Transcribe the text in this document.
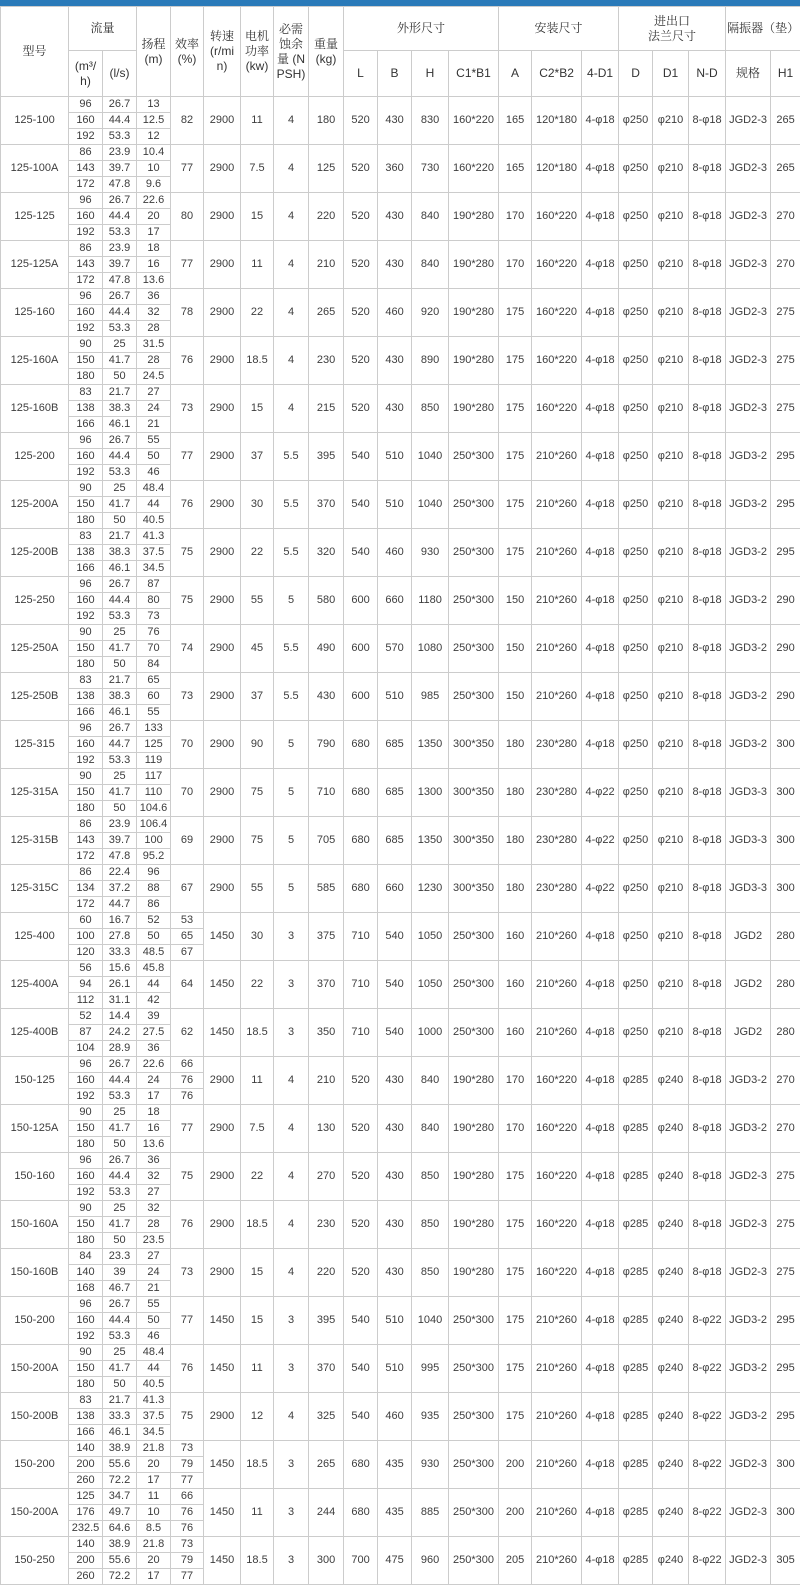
型号	流量		扬程 (m)	效率 (%)	转速 (r/min)	电机 功率 (kw)	必需蚀余量 (NPSH)	重量 (kg)	外形尺寸				安装尺寸			进出口
法兰尺寸			隔振器（垫）	
	(m³/h)	(l/s)							L	B	H	C1*B1	A	C2*B2	4-D1	D	D1	N-D	规格	H1
125-100	96	26.7	13	82	2900	11	4	180	520	430	830	160*220	165	120*180	4-φ18	φ250	φ210	8-φ18	JGD2-3	265
	160	44.4	12.5																	
	192	53.3	12																	
125-100A	86	23.9	10.4	77	2900	7.5	4	125	520	360	730	160*220	165	120*180	4-φ18	φ250	φ210	8-φ18	JGD2-3	265
	143	39.7	10																	
	172	47.8	9.6																	
125-125	96	26.7	22.6	80	2900	15	4	220	520	430	840	190*280	170	160*220	4-φ18	φ250	φ210	8-φ18	JGD2-3	270
	160	44.4	20																	
	192	53.3	17																	
125-125A	86	23.9	18	77	2900	11	4	210	520	430	840	190*280	170	160*220	4-φ18	φ250	φ210	8-φ18	JGD2-3	270
	143	39.7	16																	
	172	47.8	13.6																	
125-160	96	26.7	36	78	2900	22	4	265	520	460	920	190*280	175	160*220	4-φ18	φ250	φ210	8-φ18	JGD2-3	275
	160	44.4	32																	
	192	53.3	28																	
125-160A	90	25	31.5	76	2900	18.5	4	230	520	430	890	190*280	175	160*220	4-φ18	φ250	φ210	8-φ18	JGD2-3	275
	150	41.7	28																	
	180	50	24.5																	
125-160B	83	21.7	27	73	2900	15	4	215	520	430	850	190*280	175	160*220	4-φ18	φ250	φ210	8-φ18	JGD2-3	275
	138	38.3	24																	
	166	46.1	21																	
125-200	96	26.7	55	77	2900	37	5.5	395	540	510	1040	250*300	175	210*260	4-φ18	φ250	φ210	8-φ18	JGD3-2	295
	160	44.4	50																	
	192	53.3	46																	
125-200A	90	25	48.4	76	2900	30	5.5	370	540	510	1040	250*300	175	210*260	4-φ18	φ250	φ210	8-φ18	JGD3-2	295
	150	41.7	44																	
	180	50	40.5																	
125-200B	83	21.7	41.3	75	2900	22	5.5	320	540	460	930	250*300	175	210*260	4-φ18	φ250	φ210	8-φ18	JGD3-2	295
	138	38.3	37.5																	
	166	46.1	34.5																	
125-250	96	26.7	87	75	2900	55	5	580	600	660	1180	250*300	150	210*260	4-φ18	φ250	φ210	8-φ18	JGD3-2	290
	160	44.4	80																	
	192	53.3	73																	
125-250A	90	25	76	74	2900	45	5.5	490	600	570	1080	250*300	150	210*260	4-φ18	φ250	φ210	8-φ18	JGD3-2	290
	150	41.7	70																	
	180	50	84																	
125-250B	83	21.7	65	73	2900	37	5.5	430	600	510	985	250*300	150	210*260	4-φ18	φ250	φ210	8-φ18	JGD3-2	290
	138	38.3	60																	
	166	46.1	55																	
125-315	96	26.7	133	70	2900	90	5	790	680	685	1350	300*350	180	230*280	4-φ18	φ250	φ210	8-φ18	JGD3-2	300
	160	44.7	125																	
	192	53.3	119																	
125-315A	90	25	117	70	2900	75	5	710	680	685	1300	300*350	180	230*280	4-φ22	φ250	φ210	8-φ18	JGD3-3	300
	150	41.7	110																	
	180	50	104.6																	
125-315B	86	23.9	106.4	69	2900	75	5	705	680	685	1350	300*350	180	230*280	4-φ22	φ250	φ210	8-φ18	JGD3-3	300
	143	39.7	100																	
	172	47.8	95.2																	
125-315C	86	22.4	96	67	2900	55	5	585	680	660	1230	300*350	180	230*280	4-φ22	φ250	φ210	8-φ18	JGD3-3	300
	134	37.2	88																	
	172	44.7	86																	
125-400	60	16.7	52	53	1450	30	3	375	710	540	1050	250*300	160	210*260	4-φ18	φ250	φ210	8-φ18	JGD2	280
	100	27.8	50	65																
	120	33.3	48.5	67																
125-400A	56	15.6	45.8	64	1450	22	3	370	710	540	1050	250*300	160	210*260	4-φ18	φ250	φ210	8-φ18	JGD2	280
	94	26.1	44																	
	112	31.1	42																	
125-400B	52	14.4	39	62	1450	18.5	3	350	710	540	1000	250*300	160	210*260	4-φ18	φ250	φ210	8-φ18	JGD2	280
	87	24.2	27.5																	
	104	28.9	36																	
150-125	96	26.7	22.6	66	2900	11	4	210	520	430	840	190*280	170	160*220	4-φ18	φ285	φ240	8-φ18	JGD3-2	270
	160	44.4	24	76																
	192	53.3	17	76																
150-125A	90	25	18	77	2900	7.5	4	130	520	430	840	190*280	170	160*220	4-φ18	φ285	φ240	8-φ18	JGD3-2	270
	150	41.7	16																	
	180	50	13.6																	
150-160	96	26.7	36	75	2900	22	4	270	520	430	850	190*280	175	160*220	4-φ18	φ285	φ240	8-φ18	JGD2-3	275
	160	44.4	32																	
	192	53.3	27																	
150-160A	90	25	32	76	2900	18.5	4	230	520	430	850	190*280	175	160*220	4-φ18	φ285	φ240	8-φ18	JGD2-3	275
	150	41.7	28																	
	180	50	23.5																	
150-160B	84	23.3	27	73	2900	15	4	220	520	430	850	190*280	175	160*220	4-φ18	φ285	φ240	8-φ18	JGD2-3	275
	140	39	24																	
	168	46.7	21																	
150-200	96	26.7	55	77	1450	15	3	395	540	510	1040	250*300	175	210*260	4-φ18	φ285	φ240	8-φ22	JGD3-2	295
	160	44.4	50																	
	192	53.3	46																	
150-200A	90	25	48.4	76	1450	11	3	370	540	510	995	250*300	175	210*260	4-φ18	φ285	φ240	8-φ22	JGD3-2	295
	150	41.7	44																	
	180	50	40.5																	
150-200B	83	21.7	41.3	75	2900	12	4	325	540	460	935	250*300	175	210*260	4-φ18	φ285	φ240	8-φ22	JGD3-2	295
	138	33.3	37.5																	
	166	46.1	34.5																	
150-200	140	38.9	21.8	73	1450	18.5	3	265	680	435	930	250*300	200	210*260	4-φ18	φ285	φ240	8-φ22	JGD2-3	300
	200	55.6	20	79																
	260	72.2	17	77																
150-200A	125	34.7	11	66	1450	11	3	244	680	435	885	250*300	200	210*260	4-φ18	φ285	φ240	8-φ22	JGD2-3	300
	176	49.7	10	76																
	232.5	64.6	8.5	76																
150-250	140	38.9	21.8	73	1450	18.5	3	300	700	475	960	250*300	205	210*260	4-φ18	φ285	φ240	8-φ22	JGD2-3	305
	200	55.6	20	79																
	260	72.2	17	77																
